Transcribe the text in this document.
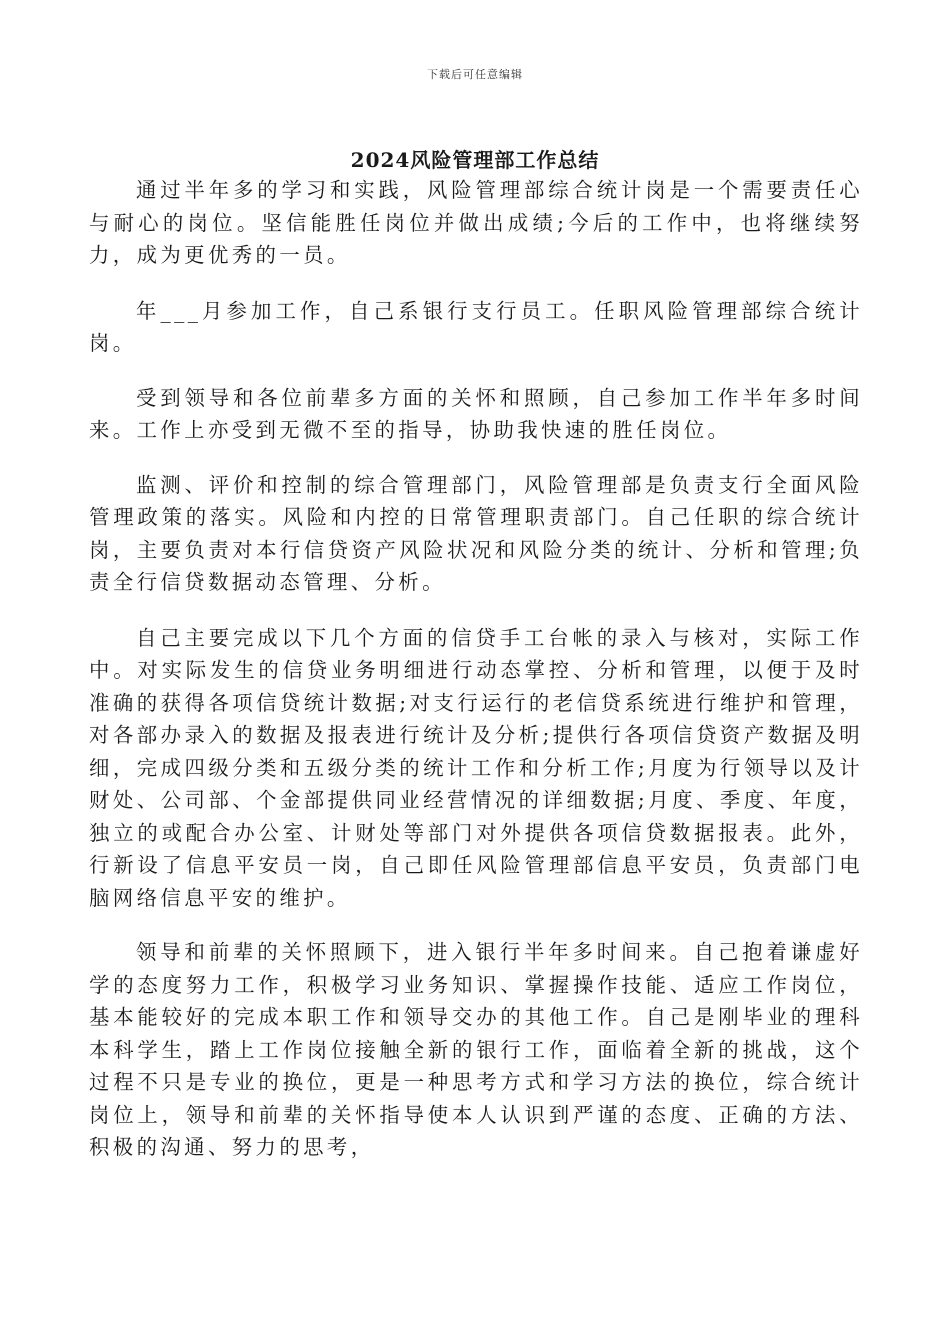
下载后可任意编辑
2024风险管理部工作总结

通过半年多的学习和实践，风险管理部综合统计岗是一个需要责任心与耐心的岗位。坚信能胜任岗位并做出成绩;今后的工作中，也将继续努力，成为更优秀的一员。

年___月参加工作，自己系银行支行员工。任职风险管理部综合统计岗。

受到领导和各位前辈多方面的关怀和照顾，自己参加工作半年多时间来。工作上亦受到无微不至的指导，协助我快速的胜任岗位。

监测、评价和控制的综合管理部门，风险管理部是负责支行全面风险管理政策的落实。风险和内控的日常管理职责部门。自己任职的综合统计岗，主要负责对本行信贷资产风险状况和风险分类的统计、分析和管理;负责全行信贷数据动态管理、分析。

自己主要完成以下几个方面的信贷手工台帐的录入与核对，实际工作中。对实际发生的信贷业务明细进行动态掌控、分析和管理，以便于及时准确的获得各项信贷统计数据;对支行运行的老信贷系统进行维护和管理，对各部办录入的数据及报表进行统计及分析;提供行各项信贷资产数据及明细，完成四级分类和五级分类的统计工作和分析工作;月度为行领导以及计财处、公司部、个金部提供同业经营情况的详细数据;月度、季度、年度，独立的或配合办公室、计财处等部门对外提供各项信贷数据报表。此外，行新设了信息平安员一岗，自己即任风险管理部信息平安员，负责部门电脑网络信息平安的维护。

领导和前辈的关怀照顾下，进入银行半年多时间来。自己抱着谦虚好学的态度努力工作，积极学习业务知识、掌握操作技能、适应工作岗位，基本能较好的完成本职工作和领导交办的其他工作。自己是刚毕业的理科本科学生，踏上工作岗位接触全新的银行工作，面临着全新的挑战，这个过程不只是专业的换位，更是一种思考方式和学习方法的换位，综合统计岗位上，领导和前辈的关怀指导使本人认识到严谨的态度、正确的方法、积极的沟通、努力的思考，
